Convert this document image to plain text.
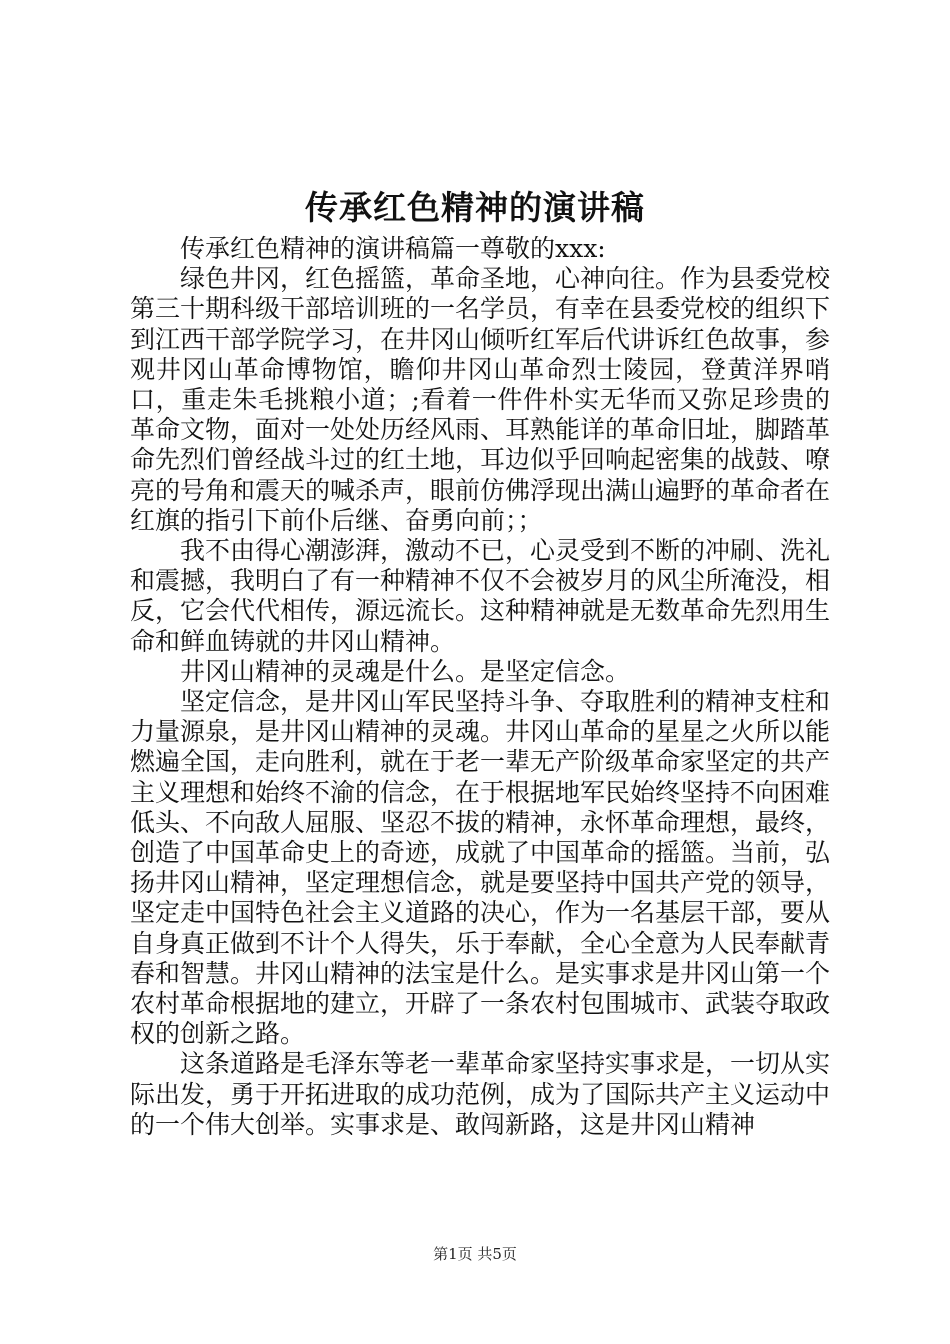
传承红色精神的演讲稿

传承红色精神的演讲稿篇一尊敬的xxx:

绿色井冈，红色摇篮，革命圣地，心神向往。作为县委党校第三十期科级干部培训班的一名学员，有幸在县委党校的组织下到江西干部学院学习，在井冈山倾听红军后代讲诉红色故事，参观井冈山革命博物馆，瞻仰井冈山革命烈士陵园，登黄洋界哨口，重走朱毛挑粮小道；;看着一件件朴实无华而又弥足珍贵的革命文物，面对一处处历经风雨、耳熟能详的革命旧址，脚踏革命先烈们曾经战斗过的红土地，耳边似乎回响起密集的战鼓、嘹亮的号角和震天的喊杀声，眼前仿佛浮现出满山遍野的革命者在红旗的指引下前仆后继、奋勇向前；；

我不由得心潮澎湃，激动不已，心灵受到不断的冲刷、洗礼和震撼，我明白了有一种精神不仅不会被岁月的风尘所淹没，相反，它会代代相传，源远流长。这种精神就是无数革命先烈用生命和鲜血铸就的井冈山精神。

井冈山精神的灵魂是什么。是坚定信念。

坚定信念，是井冈山军民坚持斗争、夺取胜利的精神支柱和力量源泉，是井冈山精神的灵魂。井冈山革命的星星之火所以能燃遍全国，走向胜利，就在于老一辈无产阶级革命家坚定的共产主义理想和始终不渝的信念，在于根据地军民始终坚持不向困难低头、不向敌人屈服、坚忍不拔的精神，永怀革命理想，最终，创造了中国革命史上的奇迹，成就了中国革命的摇篮。当前，弘扬井冈山精神，坚定理想信念，就是要坚持中国共产党的领导，坚定走中国特色社会主义道路的决心，作为一名基层干部，要从自身真正做到不计个人得失，乐于奉献，全心全意为人民奉献青春和智慧。井冈山精神的法宝是什么。是实事求是井冈山第一个农村革命根据地的建立，开辟了一条农村包围城市、武装夺取政权的创新之路。

这条道路是毛泽东等老一辈革命家坚持实事求是，一切从实际出发，勇于开拓进取的成功范例，成为了国际共产主义运动中的一个伟大创举。实事求是、敢闯新路，这是井冈山精神

第1页 共5页
